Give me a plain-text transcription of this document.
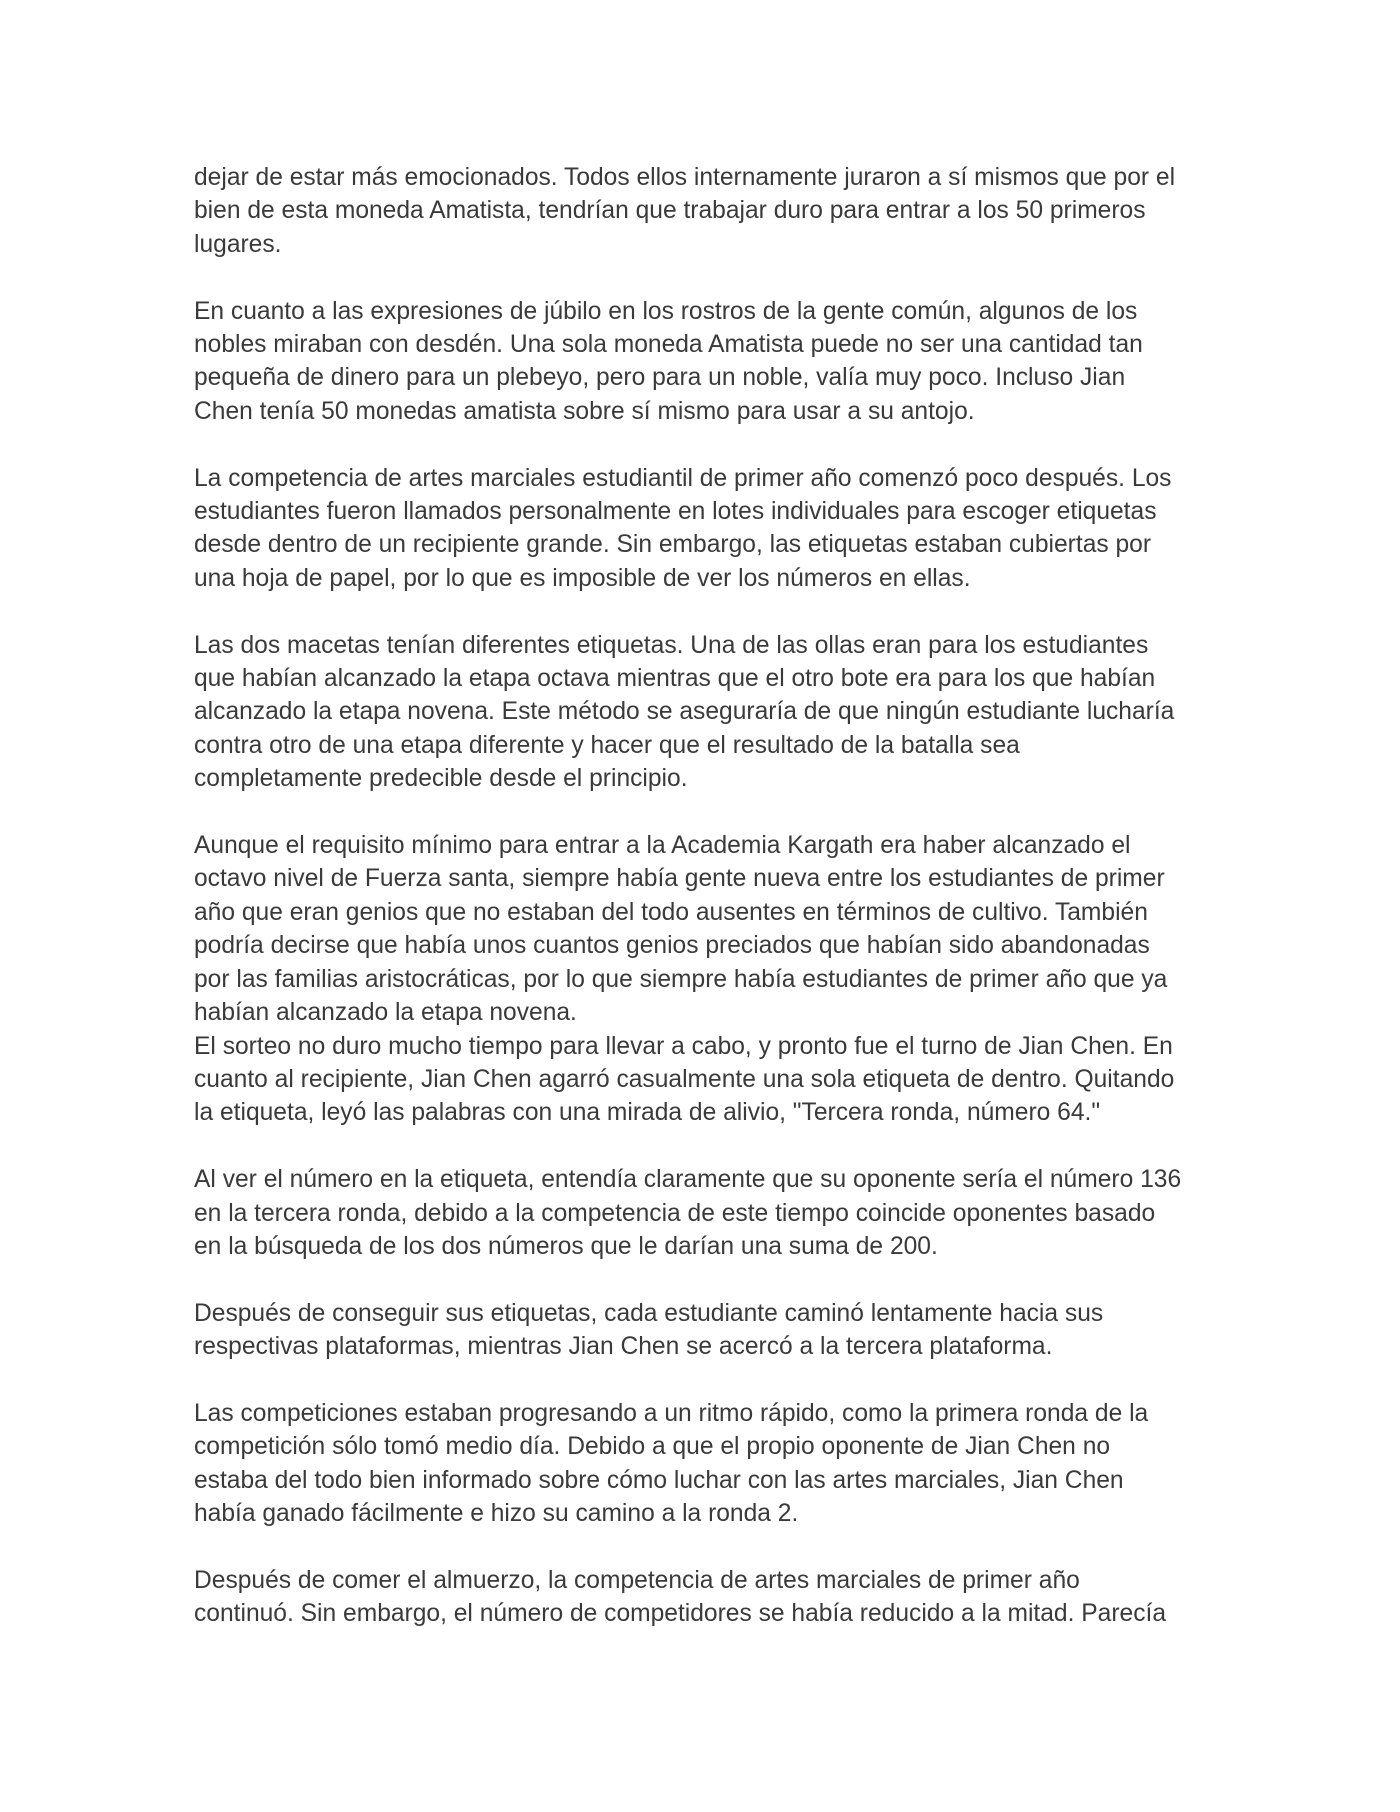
dejar de estar más emocionados. Todos ellos internamente juraron a sí mismos que por el
bien de esta moneda Amatista, tendrían que trabajar duro para entrar a los 50 primeros
lugares.

En cuanto a las expresiones de júbilo en los rostros de la gente común, algunos de los
nobles miraban con desdén. Una sola moneda Amatista puede no ser una cantidad tan
pequeña de dinero para un plebeyo, pero para un noble, valía muy poco. Incluso Jian
Chen tenía 50 monedas amatista sobre sí mismo para usar a su antojo.

La competencia de artes marciales estudiantil de primer año comenzó poco después. Los
estudiantes fueron llamados personalmente en lotes individuales para escoger etiquetas
desde dentro de un recipiente grande. Sin embargo, las etiquetas estaban cubiertas por
una hoja de papel, por lo que es imposible de ver los números en ellas.

Las dos macetas tenían diferentes etiquetas. Una de las ollas eran para los estudiantes
que habían alcanzado la etapa octava mientras que el otro bote era para los que habían
alcanzado la etapa novena. Este método se aseguraría de que ningún estudiante lucharía
contra otro de una etapa diferente y hacer que el resultado de la batalla sea
completamente predecible desde el principio.

Aunque el requisito mínimo para entrar a la Academia Kargath era haber alcanzado el
octavo nivel de Fuerza santa, siempre había gente nueva entre los estudiantes de primer
año que eran genios que no estaban del todo ausentes en términos de cultivo. También
podría decirse que había unos cuantos genios preciados que habían sido abandonadas
por las familias aristocráticas, por lo que siempre había estudiantes de primer año que ya
habían alcanzado la etapa novena.

El sorteo no duro mucho tiempo para llevar a cabo, y pronto fue el turno de Jian Chen. En
cuanto al recipiente, Jian Chen agarró casualmente una sola etiqueta de dentro. Quitando
la etiqueta, leyó las palabras con una mirada de alivio, "Tercera ronda, número 64."

Al ver el número en la etiqueta, entendía claramente que su oponente sería el número 136
en la tercera ronda, debido a la competencia de este tiempo coincide oponentes basado
en la búsqueda de los dos números que le darían una suma de 200.

Después de conseguir sus etiquetas, cada estudiante caminó lentamente hacia sus
respectivas plataformas, mientras Jian Chen se acercó a la tercera plataforma.

Las competiciones estaban progresando a un ritmo rápido, como la primera ronda de la
competición sólo tomó medio día. Debido a que el propio oponente de Jian Chen no
estaba del todo bien informado sobre cómo luchar con las artes marciales, Jian Chen
había ganado fácilmente e hizo su camino a la ronda 2.

Después de comer el almuerzo, la competencia de artes marciales de primer año
continuó. Sin embargo, el número de competidores se había reducido a la mitad. Parecía
